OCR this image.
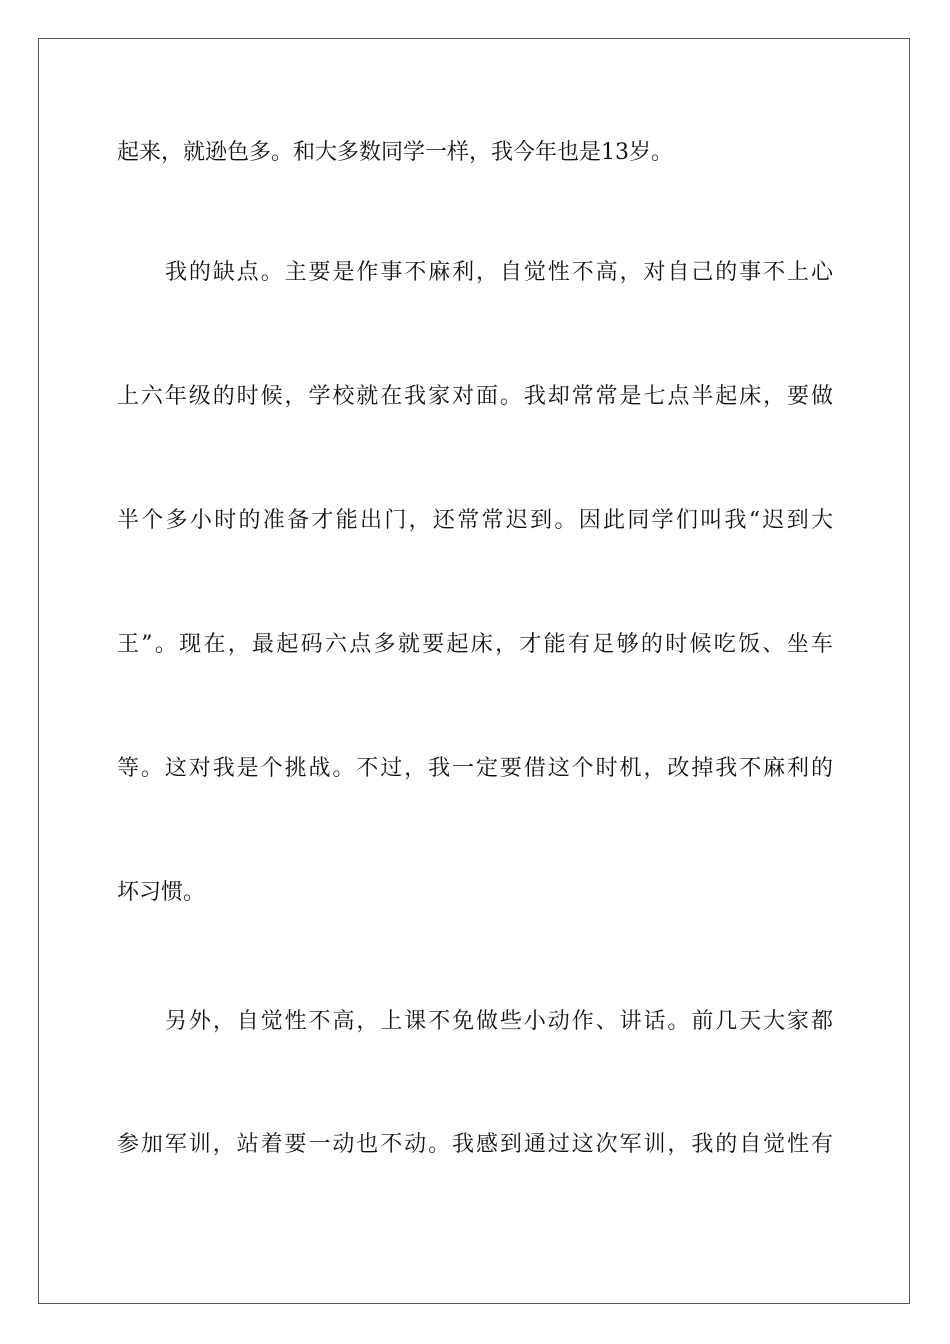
起来，就逊色多。和大多数同学一样，我今年也是13岁。
我的缺点。主要是作事不麻利，自觉性不高，对自己的事不上心
上六年级的时候，学校就在我家对面。我却常常是七点半起床，要做
半个多小时的准备才能出门，还常常迟到。因此同学们叫我“迟到大
王”。现在，最起码六点多就要起床，才能有足够的时候吃饭、坐车
等。这对我是个挑战。不过，我一定要借这个时机，改掉我不麻利的
坏习惯。
另外，自觉性不高，上课不免做些小动作、讲话。前几天大家都
参加军训，站着要一动也不动。我感到通过这次军训，我的自觉性有
